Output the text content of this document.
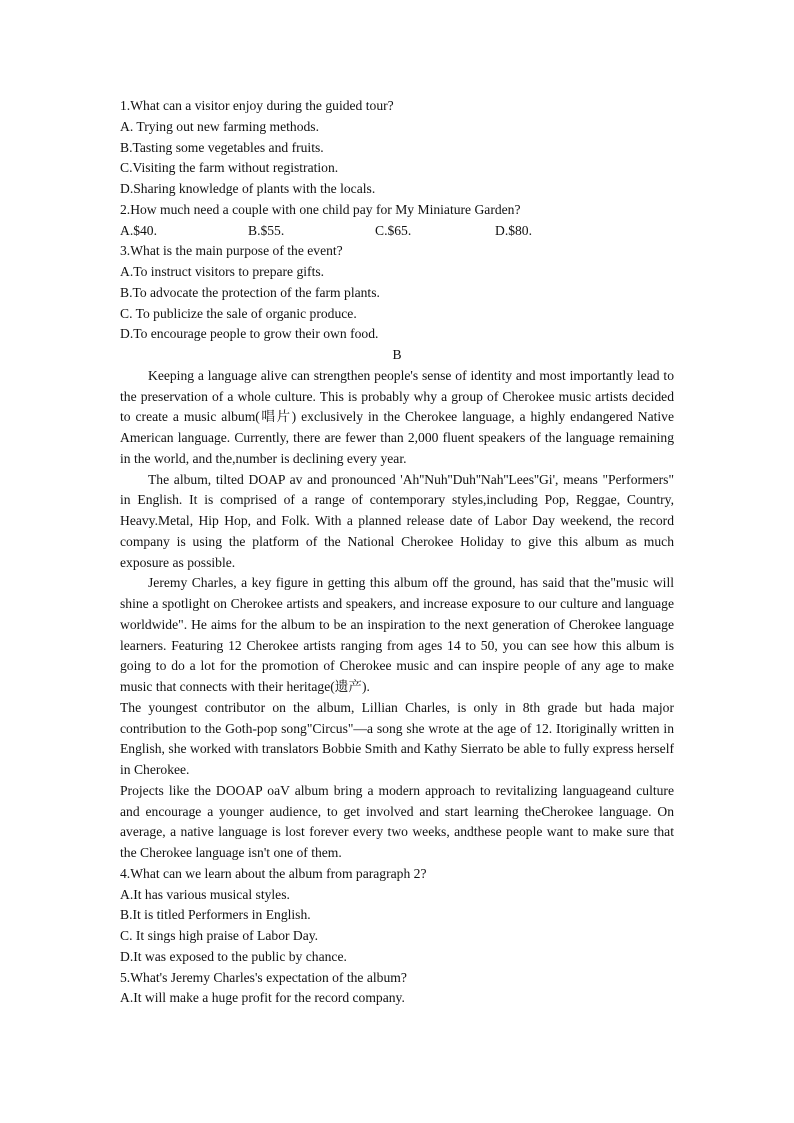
1.What can a visitor enjoy during the guided tour?
A. Trying out new farming methods.
B.Tasting some vegetables and fruits.
C.Visiting the farm without registration.
D.Sharing knowledge of plants with the locals.
2.How much need a couple with one child pay for My Miniature Garden?
A.$40.	B.$55.	C.$65.	D.$80.
3.What is the main purpose of the event?
A.To instruct visitors to prepare gifts.
B.To advocate the protection of the farm plants.
C. To publicize the sale of organic produce.
D.To encourage people to grow their own food.
B

Keeping a language alive can strengthen people's sense of identity and most importantly lead to the preservation of a whole culture. This is probably why a group of Cherokee music artists decided to create a music album(唱片) exclusively in the Cherokee language, a highly endangered Native American language. Currently, there are fewer than 2,000 fluent speakers of the language remaining in the world, and the,number is declining every year.

The album, tilted DOAP av and pronounced 'Ah''Nuh''Duh''Nah''Lees''Gi', means "Performers" in English. It is comprised of a range of contemporary styles,including Pop, Reggae, Country, Heavy.Metal, Hip Hop, and Folk. With a planned release date of Labor Day weekend, the record company is using the platform of the National Cherokee Holiday to give this album as much exposure as possible.

Jeremy Charles, a key figure in getting this album off the ground, has said that the"music will shine a spotlight on Cherokee artists and speakers, and increase exposure to our culture and language worldwide". He aims for the album to be an inspiration to the next generation of Cherokee language learners. Featuring 12 Cherokee artists ranging from ages 14 to 50, you can see how this album is going to do a lot for the promotion of Cherokee music and can inspire people of any age to make music that connects with their heritage(遗产).

The youngest contributor on the album, Lillian Charles, is only in 8th grade but hada major contribution to the Goth-pop song"Circus"—a song she wrote at the age of 12. Itoriginally written in English, she worked with translators Bobbie Smith and Kathy Sierrato be able to fully express herself in Cherokee.

Projects like the DOOAP oaV album bring a modern approach to revitalizing languageand culture and encourage a younger audience, to get involved and start learning theCherokee language. On average, a native language is lost forever every two weeks, andthese people want to make sure that the Cherokee language isn't one of them.

4.What can we learn about the album from paragraph 2?
A.It has various musical styles.
B.It is titled Performers in English.
C. It sings high praise of Labor Day.
D.It was exposed to the public by chance.
5.What's Jeremy Charles's expectation of the album?
A.It will make a huge profit for the record company.
